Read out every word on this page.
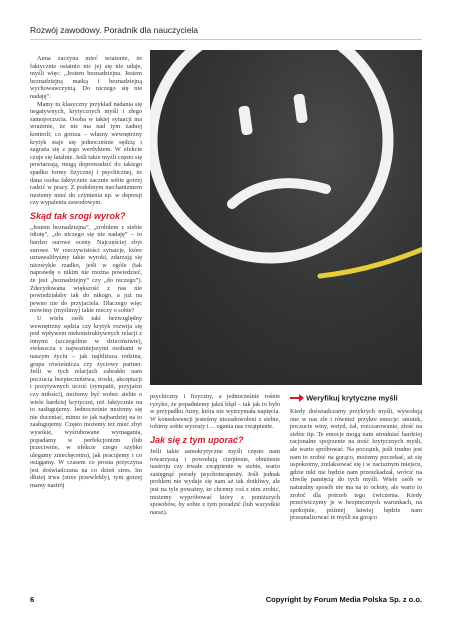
Rozwój zawodowy. Poradnik dla nauczyciela

Anna zaczyna mieć wrażenie, że faktycznie ostatnio nic jej się nie udaje, myśli więc: „Jestem beznadziejna. Jestem beznadziejną matką i beznadziejną wychowawczynią. Do niczego się nie nadaję”.

Mamy tu klasyczny przykład nadania się negatywnych, krytycznych myśli i złego samopoczucia. Osoba w takiej sytuacji ma wrażenie, że nie ma nad tym żadnej kontroli; co gorsza – własny wewnętrzny krytyk staje się jednocześnie sędzią i zagraża się z jego werdyktem. W efekcie czuje się fatalnie. Jeśli takie myśli często się powtarzają, mogą doprowadzić do takiego spadku formy fizycznej i psychicznej, że dana osoba faktycznie zacznie sobie gorzej radzić w pracy. Z podobnym mechanizmem możemy mieć do czynienia np. w depresji czy wypaleniu zawodowym.

Skąd tak srogi wyrok?

„Jestem beznadziejna”, „zrobiłem z siebie idiotę”, „do niczego się nie nadaję” – to bardzo surowe oceny. Najczęściej zbyt surowe. W rzeczywistości sytuacje, które uznawalibyśmy takie wyroki, zdarzają się niezwykle rzadko, jeśli w ogóle (tak naprawdę o nikim nie można powiedzieć, że jest „beznadziejny” czy „do niczego”). Zdecydowana większość z nas nie powiedziałaby tak do nikogo, a już na pewno nie do przyjaciela. Dlaczego więc mówimy (myślimy) takie rzeczy o sobie?

U wielu osób taki bezwzględny wewnętrzny sędzia czy krytyk rozwija się pod wpływem niekonstruktywnych relacji z innymi (szczególnie w dzieciństwie), zwłaszcza z najważniejszymi osobami w naszym życiu – jak najbliższa rodzina, grupa rówieśnicza czy życiowy partner. Jeśli w tych relacjach zabrakło nam poczucia bezpieczeństwa, troski, akceptacji i pozytywnych uczuć (sympatii, przyjaźni czy miłości), możemy być wobec siebie o wiele bardziej krytyczni, niż faktycznie na to zasługujemy. Jednocześnie możemy się nie doceniać, mimo że jak najbardziej na to zasługujemy. Często możemy też mieć zbyt wysokie, wyśrubowane wymagania, popadamy w perfekcjonizm (lub przeciwnie, w efekcie czego szybko ulegamy zniechęceniu), jak pracujemy i co osiągamy. W czasem co prosta przyczyna jest doświadczana na co dzień stres. Im dłużej trwa (stres przewlekły), tym gorzej mamy nastrój

psychiczny i fizyczny, a jednocześnie rośnie ryzyko, że popadniemy jakiś błąd – tak jak to było w przypadku Anny, która nie wytrzymała napięcia. W konsekwencji jesteśmy niezadowoleni z siebie, robimy sobie wyrzuty i ... ogania nas zwątpienie.

Jak się z tym uporać?

Jeśli takie samokrytyczne myśli często nam towarzyszą i powodują cierpienie, obniżenie nastroju czy trwałe zwątpienie w siebie, warto zasięgnąć porady psychoterapeuty. Jeśli jednak problem nie wydaje się nam aż tak dotkliwy, ale jest na tyle poważny, że chcemy coś z nim zrobić, możemy wypróbować który z poniższych sposobów, by sobie z tym poradzić (lub wszystkie naraz).

Weryfikuj krytyczne myśli

Kiedy doświadczamy przykrych myśli, wywołują one w nas złe i również przykre emocje: smutek, poczucie winy, wstyd, żal, rozczarowanie, złość na siebie itp. Te emocje mogą nam utrudniać bardziej racjonalne spojrzenie na treść krytycznych myśli, ale warto spróbować. Na początek, jeśli trudno jest nam to zrobić na gorąco, możemy poczekać, aż się uspokoimy, zrelaksować się i w zacisznym miejscu, gdzie nikt nie będzie nam przeszkadzał, wrócić na chwilę pamięcią do tych myśli. Wiele osób w naturalny sposób nie ma na to ochoty, ale warto to zrobić dla potrzeb tego ćwiczenia. Kiedy przećwiczymy je w bezpiecznych warunkach, na spokojnie, później łatwiej będzie nam przeanalizować te myśli na gorąco

6	Copyright by Forum Media Polska Sp. z o.o.
